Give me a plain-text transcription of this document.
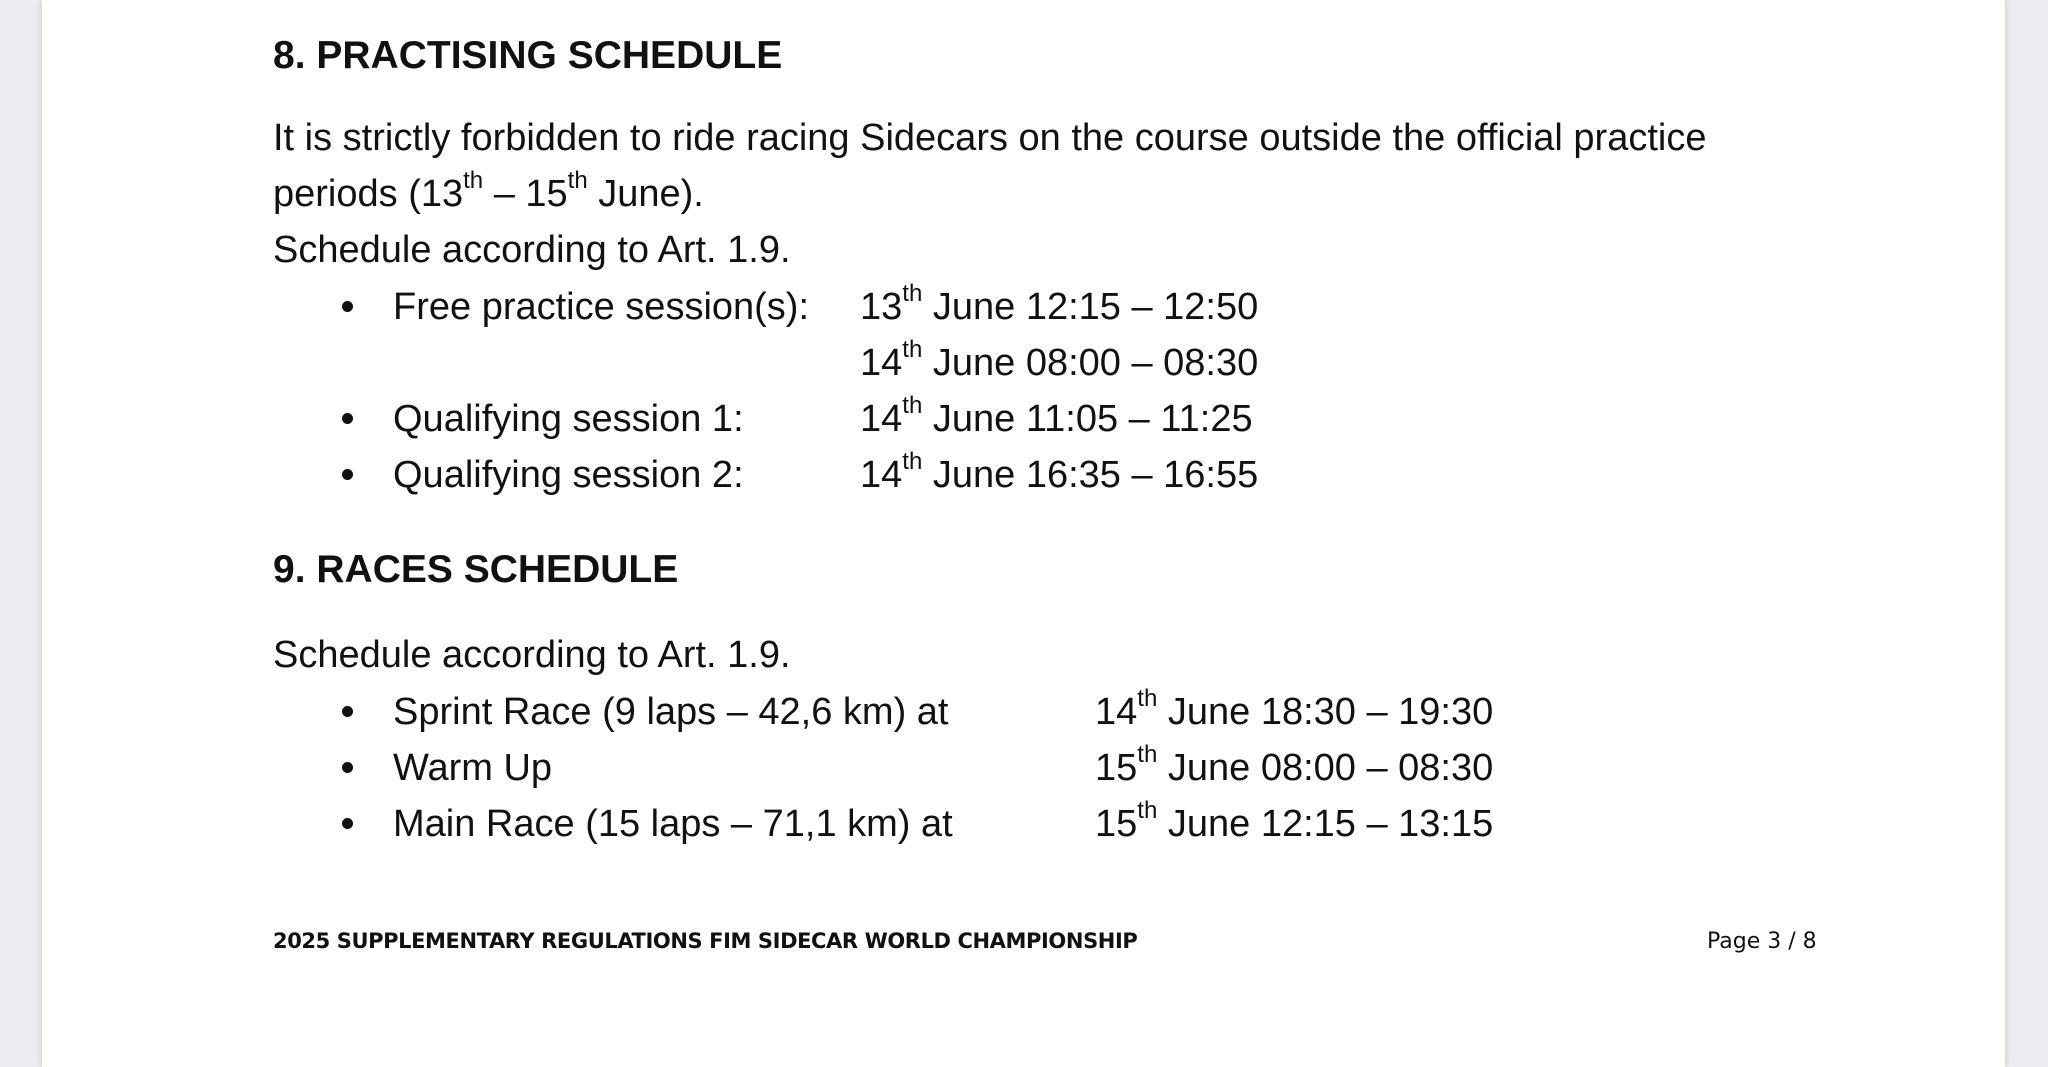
8. PRACTISING SCHEDULE

It is strictly forbidden to ride racing Sidecars on the course outside the official practice periods (13th – 15th June).

Schedule according to Art. 1.9.
Free practice session(s): 13th June 12:15 – 12:50
14th June 08:00 – 08:30
Qualifying session 1:	14th June 11:05 – 11:25
Qualifying session 2:	14th June 16:35 – 16:55
9. RACES SCHEDULE
Schedule according to Art. 1.9.
Sprint Race (9 laps – 42,6 km) at	14th June 18:30 – 19:30
Warm Up	15th June 08:00 – 08:30
Main Race (15 laps – 71,1 km) at	15th June 12:15 – 13:15
2025 SUPPLEMENTARY REGULATIONS FIM SIDECAR WORLD CHAMPIONSHIP	Page 3 / 8
